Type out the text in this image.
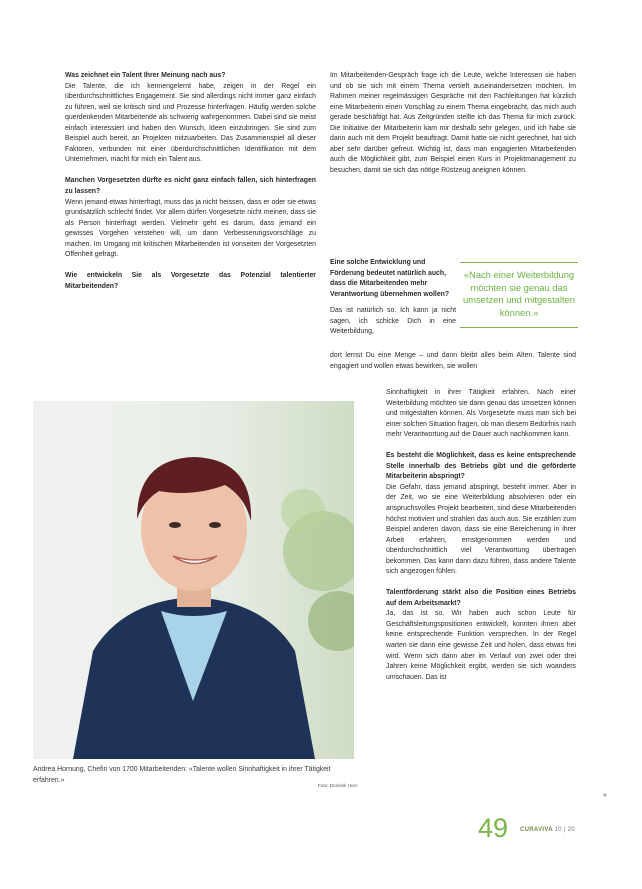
Was zeichnet ein Talent Ihrer Meinung nach aus?
Die Talente, die ich kennengelernt habe, zeigen in der Regel ein überdurchschnittliches Engagement. Sie sind allerdings nicht immer ganz einfach zu führen, weil sie kritisch sind und Prozesse hinterfragen. Häufig werden solche querdenkenden Mitarbeitende als schwierig wahrgenommen. Dabei sind sie meist einfach interessiert und haben den Wunsch, Ideen einzubringen. Sie sind zum Beispiel auch bereit, an Projekten mitzuarbeiten. Das Zusammenspiel all dieser Faktoren, verbunden mit einer überdurchschnittlichen Identifikation mit dem Unternehmen, macht für mich ein Talent aus.

Manchen Vorgesetzten dürfte es nicht ganz einfach fallen, sich hinterfragen zu lassen?
Wenn jemand etwas hinterfragt, muss das ja nicht heissen, dass er oder sie etwas grundsätzlich schlecht findet. Vor allem dürfen Vorgesetzte nicht meinen, dass sie als Person hinterfragt werden. Vielmehr geht es darum, dass jemand ein gewisses Vorgehen verstehen will, um dann Verbesserungsvorschläge zu machen. Im Umgang mit kritischen Mitarbeitenden ist vonseiten der Vorgesetzten Offenheit gefragt.

Wie entwickeln Sie als Vorgesetzte das Potenzial talentierter Mitarbeitenden?

Im Mitarbeitenden-Gespräch frage ich die Leute, welche Interessen sie haben und ob sie sich mit einem Thema vertieft auseinandersetzen möchten. Im Rahmen meiner regelmässigen Gespräche mit den Fachleitungen hat kürzlich eine Mitarbeiterin einen Vorschlag zu einem Thema eingebracht, das mich auch gerade beschäftigt hat. Aus Zeitgründen stellte ich das Thema für mich zurück. Die Initiative der Mitarbeiterin kam mir deshalb sehr gelegen, und ich habe sie dann auch mit dem Projekt beauftragt. Damit hatte sie nicht gerechnet, hat sich aber sehr darüber gefreut. Wichtig ist, dass man engagierten Mitarbeitenden auch die Möglichkeit gibt, zum Beispiel einen Kurs in Projektmanagement zu besuchen, damit sie sich das nötige Rüstzeug aneignen können.

Eine solche Entwicklung und Förderung bedeutet natürlich auch, dass die Mitarbeitenden mehr Verantwortung übernehmen wollen?
Das ist natürlich so. Ich kann ja nicht sagen, ich schicke Dich in eine Weiterbildung,
«Nach einer Weiterbildung möchten sie genau das umsetzen und mitgestalten können.»
dort lernst Du eine Menge – und dann bleibt alles beim Alten. Talente sind engagiert und wollen etwas bewirken, sie wollen

Sinnhaftigkeit in ihrer Tätigkeit erfahren. Nach einer Weiterbildung möchten sie dann genau das umsetzen können und mitgestalten können. Als Vorgesetzte muss man sich bei einer solchen Situation fragen, ob man diesem Bedürfnis nach mehr Verantwortung auf die Dauer auch nachkommen kann.

Es besteht die Möglichkeit, dass es keine entsprechende Stelle innerhalb des Betriebs gibt und die geförderte Mitarbeiterin abspringt?
Die Gefahr, dass jemand abspringt, besteht immer. Aber in der Zeit, wo sie eine Weiterbildung absolvieren oder ein anspruchsvolles Projekt bearbeiten, sind diese Mitarbeitenden höchst motiviert und strahlen das auch aus. Sie erzählen zum Beispiel anderen davon, dass sie eine Bereicherung in ihrer Arbeit erfahren, ernstgenommen werden und überdurchschnittlich viel Verantwortung übertragen bekommen. Das kann dann dazu führen, dass andere Talente sich angezogen fühlen.

Talentförderung stärkt also die Position eines Betriebs auf dem Arbeitsmarkt?
Ja, das ist so. Wir haben auch schon Leute für Geschäftsleitungspositionen entwickelt, konnten ihnen aber keine entsprechende Funktion versprechen. In der Regel warten sie dann eine gewisse Zeit und holen, dass etwas frei wird. Wenn sich dann aber im Verlauf von zwei oder drei Jahren keine Möglichkeit ergibt, werden sie sich woanders umschauen. Das ist

Andrea Hornung, Chefin von 1700 Mitarbeitenden: «Talente wollen Sinnhaftigkeit in ihrer Tätigkeit erfahren.»
Foto: Dominik Horn
»
49 CURAVIVA 10 | 20
